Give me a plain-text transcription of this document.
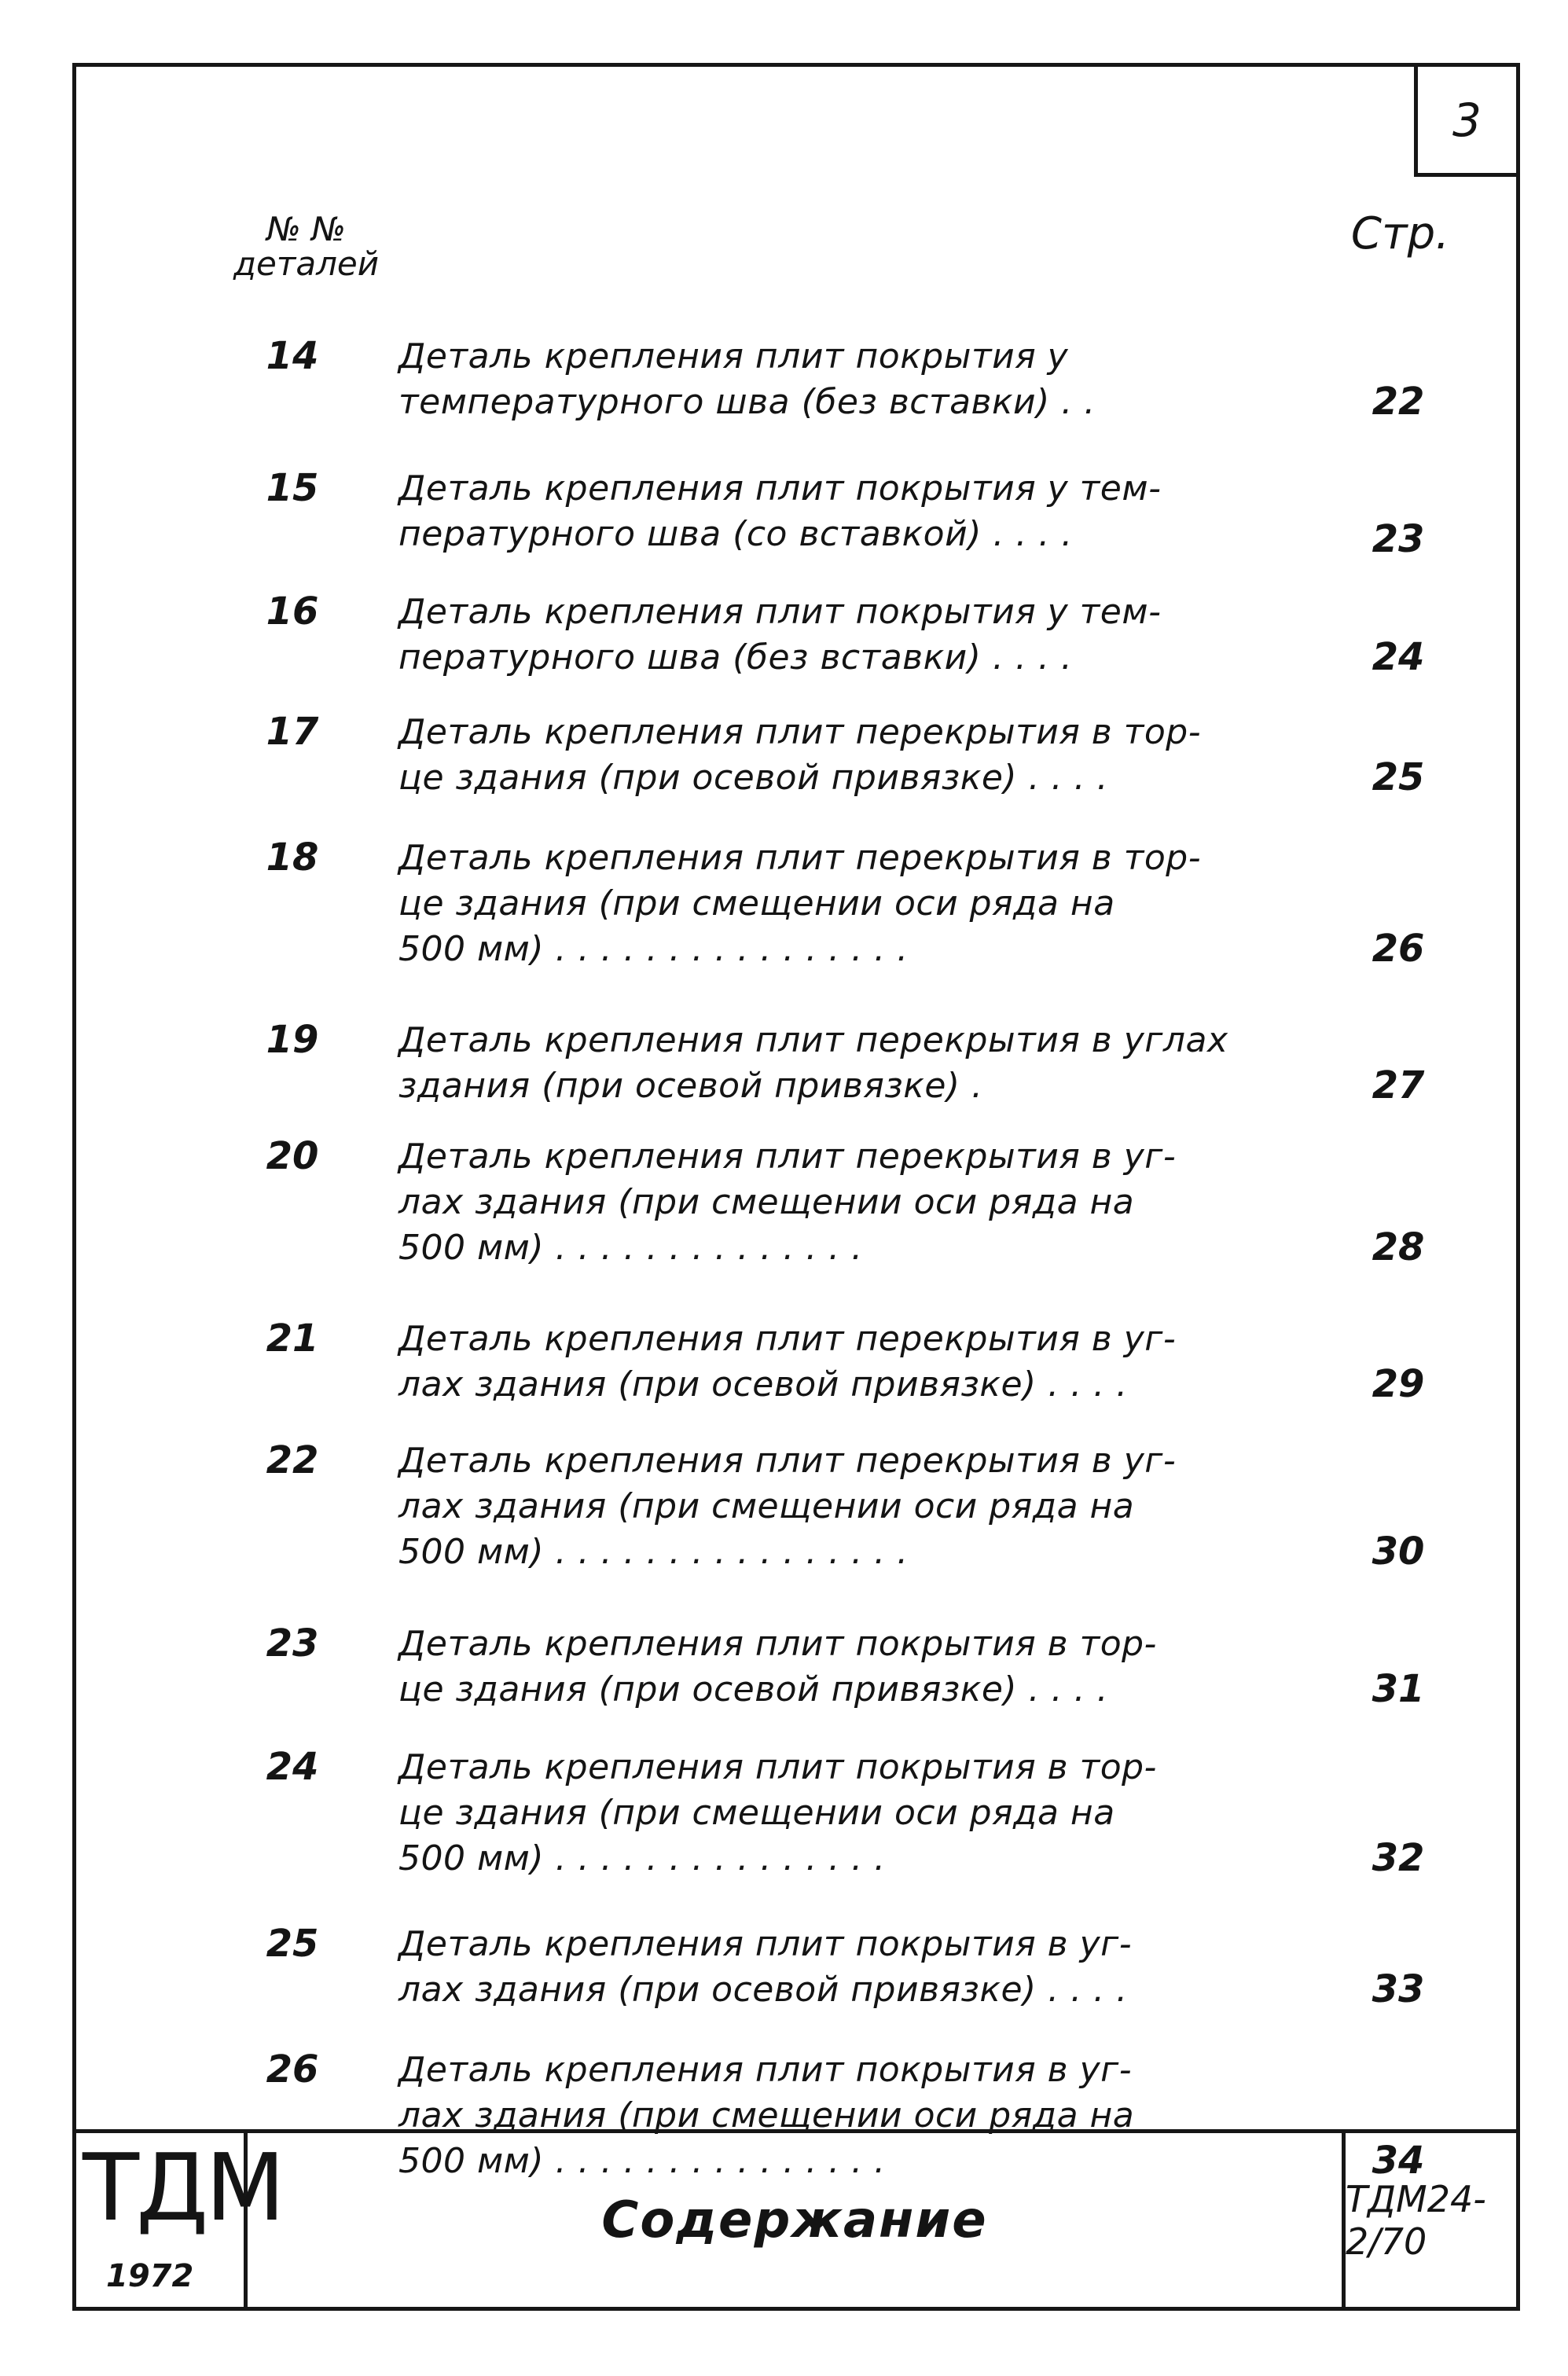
3
№ №
деталей
Стр.
14	Деталь крепления плит покрытия у
температурного шва (без вставки) . .	22
15	Деталь крепления плит покрытия у тем-
пературного шва (со вставкой) . . . .	23
16	Деталь крепления плит покрытия у тем-
пературного шва (без вставки) . . . .	24
17	Деталь крепления плит перекрытия в тор-
це здания (при осевой привязке) . . . .	25
18	Деталь крепления плит перекрытия в тор-
це здания (при смещении оси ряда на
500 мм) . . . . . . . . . . . . . . . .	26
19	Деталь крепления плит перекрытия в углах
здания (при осевой привязке) .	27
20	Деталь крепления плит перекрытия в уг-
лах здания (при смещении оси ряда на
500 мм) . . . . . . . . . . . . . .	28
21	Деталь крепления плит перекрытия в уг-
лах здания (при осевой привязке) . . . .	29
22	Деталь крепления плит перекрытия в уг-
лах здания (при смещении оси ряда на
500 мм) . . . . . . . . . . . . . . . .	30
23	Деталь крепления плит покрытия в тор-
це здания (при осевой привязке) . . . .	31
24	Деталь крепления плит покрытия в тор-
це здания (при смещении оси ряда на
500 мм) . . . . . . . . . . . . . . .	32
25	Деталь крепления плит покрытия в уг-
лах здания (при осевой привязке) . . . .	33
26	Деталь крепления плит покрытия в уг-
лах здания (при смещении оси ряда на
500 мм) . . . . . . . . . . . . . . .	34
ТДМ
1972
Содержание	ТДМ24-2/70
